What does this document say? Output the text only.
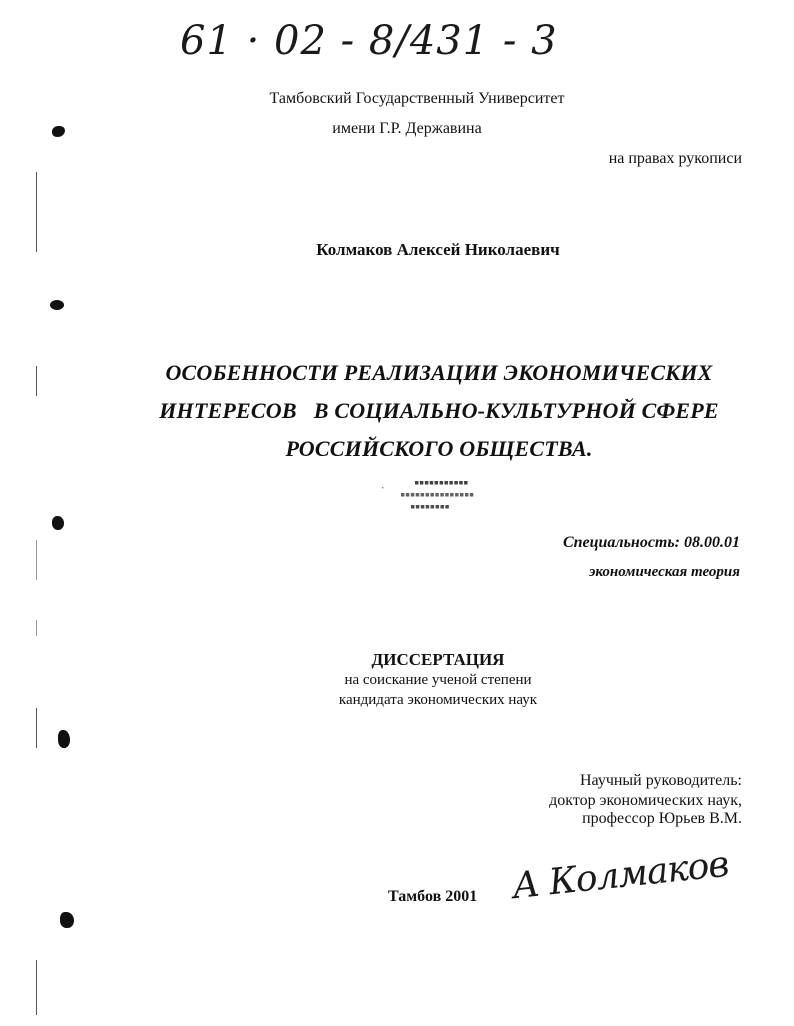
61 · 02 - 8/431 - 3
Тамбовский Государственный Университет
имени Г.Р. Державина
на правах рукописи
Колмаков Алексей Николаевич
ОСОБЕННОСТИ РЕАЛИЗАЦИИ ЭКОНОМИЧЕСКИХ
ИНТЕРЕСОВ   В СОЦИАЛЬНО-КУЛЬТУРНОЙ СФЕРЕ
РОССИЙСКОГО ОБЩЕСТВА.
▪▪▪▪▪▪▪▪▪▪▪
▪▪▪▪▪▪▪▪▪▪▪▪▪▪▪
▪▪▪▪▪▪▪▪
·
Специальность: 08.00.01
экономическая теория
ДИССЕРТАЦИЯ
на соискание ученой степени
кандидата экономических наук
Научный руководитель:
доктор экономических наук,
профессор Юрьев В.М.
Тамбов 2001 А Колмаков
